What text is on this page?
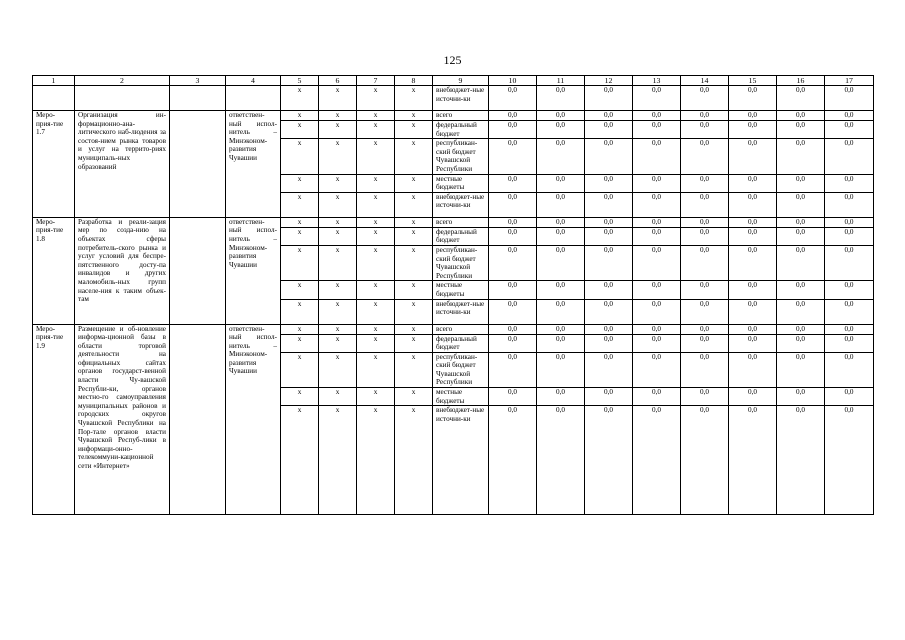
125
1	2	3	4	5	6	7	8	9	10	11	12	13	14	15	16	17
				х	х	х	х	внебюджет-ные источни-ки	0,0	0,0	0,0	0,0	0,0	0,0	0,0	0,0
Меро-прия-тие 1.7	Организация ин-формационно-ана-литического наб-людения за состоя-нием рынка товаров и услуг на террито-риях муниципаль-ных образований		ответствен-ный испол-нитель – Минэконом-развития Чувашии	х	х	х	х	всего	0,0	0,0	0,0	0,0	0,0	0,0	0,0	0,0
				х	х	х	х	федеральный бюджет	0,0	0,0	0,0	0,0	0,0	0,0	0,0	0,0
				х	х	х	х	республикан-ский бюджет Чувашской Республики	0,0	0,0	0,0	0,0	0,0	0,0	0,0	0,0
				х	х	х	х	местные бюджеты	0,0	0,0	0,0	0,0	0,0	0,0	0,0	0,0
				х	х	х	х	внебюджет-ные источни-ки	0,0	0,0	0,0	0,0	0,0	0,0	0,0	0,0
Меро-прия-тие 1.8	Разработка и реали-зация мер по созда-нию на объектах сферы потребитель-ского рынка и услуг условий для беспре-пятственного досту-па инвалидов и других маломобиль-ных групп населе-ния к таким объек-там		ответствен-ный испол-нитель – Минэконом-развития Чувашии	х	х	х	х	всего	0,0	0,0	0,0	0,0	0,0	0,0	0,0	0,0
				х	х	х	х	федеральный бюджет	0,0	0,0	0,0	0,0	0,0	0,0	0,0	0,0
				х	х	х	х	республикан-ский бюджет Чувашской Республики	0,0	0,0	0,0	0,0	0,0	0,0	0,0	0,0
				х	х	х	х	местные бюджеты	0,0	0,0	0,0	0,0	0,0	0,0	0,0	0,0
				х	х	х	х	внебюджет-ные источни-ки	0,0	0,0	0,0	0,0	0,0	0,0	0,0	0,0
Меро-прия-тие 1.9	Размещение и об-новление информа-ционной базы в области торговой деятельности на официальных сайтах органов государст-венной власти Чу-вашской Республи-ки, органов местно-го самоуправления муниципальных районов и городских округов Чувашской Республики на Пор-тале органов власти Чувашской Респуб-лики в информаци-онно-телекоммуни-кационной сети «Интернет»		ответствен-ный испол-нитель – Минэконом-развития Чувашии	х	х	х	х	всего	0,0	0,0	0,0	0,0	0,0	0,0	0,0	0,0
				х	х	х	х	федеральный бюджет	0,0	0,0	0,0	0,0	0,0	0,0	0,0	0,0
				х	х	х	х	республикан-ский бюджет Чувашской Республики	0,0	0,0	0,0	0,0	0,0	0,0	0,0	0,0
				х	х	х	х	местные бюджеты	0,0	0,0	0,0	0,0	0,0	0,0	0,0	0,0
				х	х	х	х	внебюджет-ные источни-ки	0,0	0,0	0,0	0,0	0,0	0,0	0,0	0,0
